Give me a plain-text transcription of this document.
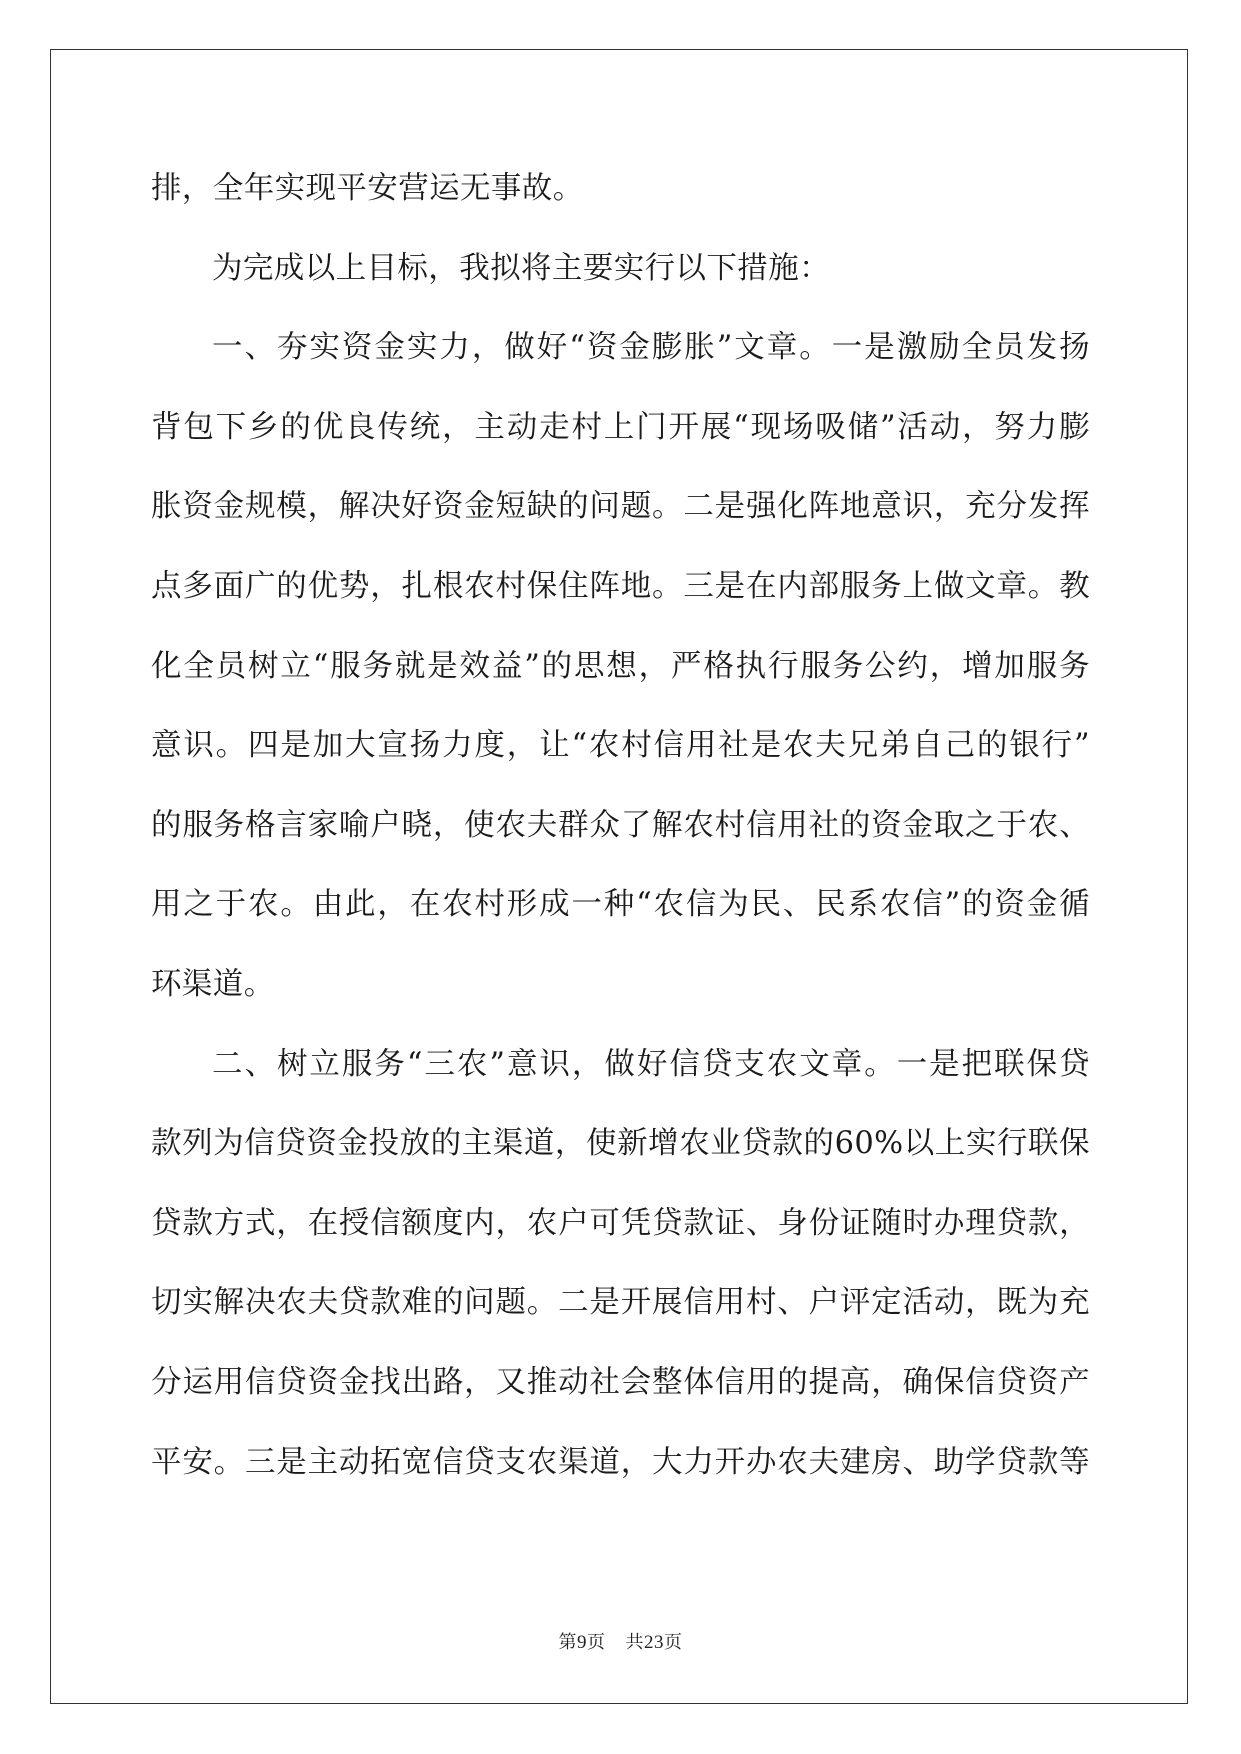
排，全年实现平安营运无事故。
为完成以上目标，我拟将主要实行以下措施：
一、夯实资金实力，做好“资金膨胀”文章。一是激励全员发扬
背包下乡的优良传统，主动走村上门开展“现场吸储”活动，努力膨
胀资金规模，解决好资金短缺的问题。二是强化阵地意识，充分发挥
点多面广的优势，扎根农村保住阵地。三是在内部服务上做文章。教
化全员树立“服务就是效益”的思想，严格执行服务公约，增加服务
意识。四是加大宣扬力度，让“农村信用社是农夫兄弟自己的银行”
的服务格言家喻户晓，使农夫群众了解农村信用社的资金取之于农、
用之于农。由此，在农村形成一种“农信为民、民系农信”的资金循
环渠道。
二、树立服务“三农”意识，做好信贷支农文章。一是把联保贷
款列为信贷资金投放的主渠道，使新增农业贷款的60%以上实行联保
贷款方式，在授信额度内，农户可凭贷款证、身份证随时办理贷款，
切实解决农夫贷款难的问题。二是开展信用村、户评定活动，既为充
分运用信贷资金找出路，又推动社会整体信用的提高，确保信贷资产
平安。三是主动拓宽信贷支农渠道，大力开办农夫建房、助学贷款等
第9页 共23页
